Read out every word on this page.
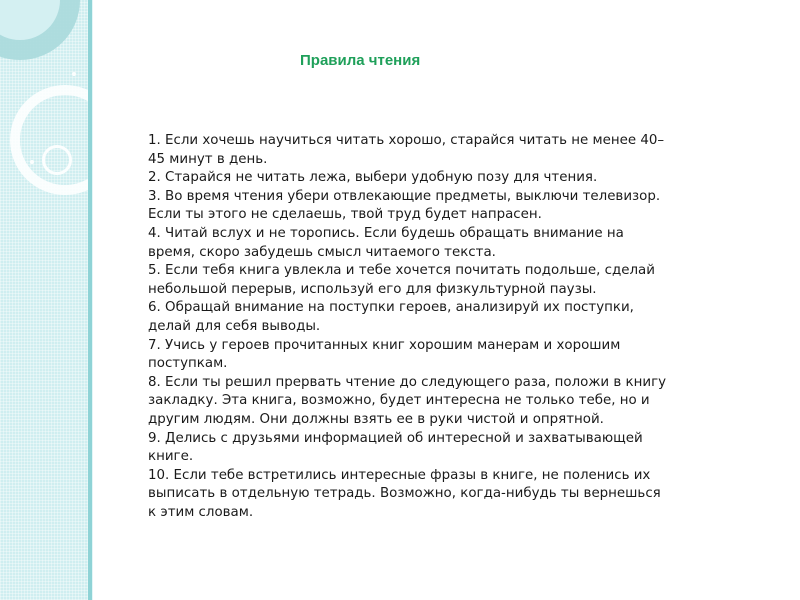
Правила чтения
1. Если хочешь научиться читать хорошо, старайся читать не менее 40–
45 минут в день.
2. Старайся не читать лежа, выбери удобную позу для чтения.
3. Во время чтения убери отвлекающие предметы, выключи телевизор.
Если ты этого не сделаешь, твой труд будет напрасен.
4. Читай вслух и не торопись. Если будешь обращать внимание на
время, скоро забудешь смысл читаемого текста.
5. Если тебя книга увлекла и тебе хочется почитать подольше, сделай
небольшой перерыв, используй его для физкультурной паузы.
6. Обращай внимание на поступки героев, анализируй их поступки,
делай для себя выводы.
7. Учись у героев прочитанных книг хорошим манерам и хорошим
поступкам.
8. Если ты решил прервать чтение до следующего раза, положи в книгу
закладку. Эта книга, возможно, будет интересна не только тебе, но и
другим людям. Они должны взять ее в руки чистой и опрятной.
9. Делись с друзьями информацией об интересной и захватывающей
книге.
10. Если тебе встретились интересные фразы в книге, не поленись их
выписать в отдельную тетрадь. Возможно, когда-нибудь ты вернешься
к этим словам.
